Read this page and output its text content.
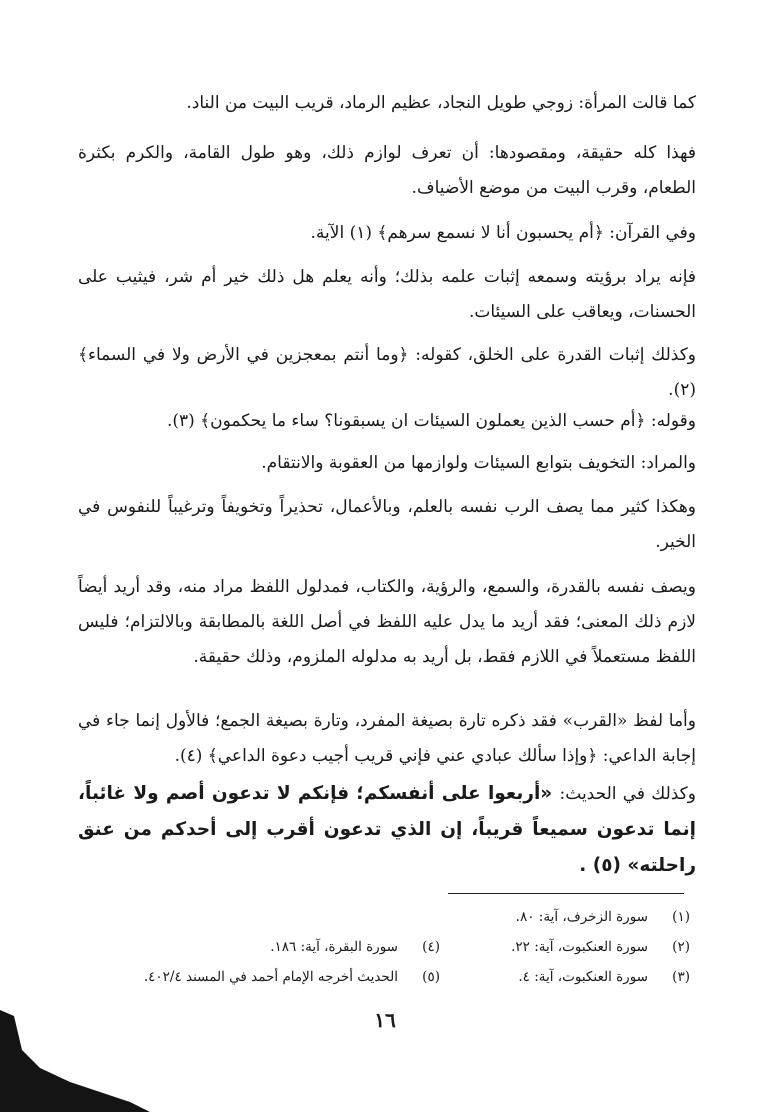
كما قالت المرأة: زوجي طويل النجاد، عظيم الرماد، قريب البيت من الناد.

فهذا كله حقيقة، ومقصودها: أن تعرف لوازم ذلك، وهو طول القامة، والكرم بكثرة الطعام، وقرب البيت من موضع الأضياف.

وفي القرآن: ﴿أم يحسبون أنا لا نسمع سرهم﴾ (١) الآية.

فإنه يراد برؤيته وسمعه إثبات علمه بذلك؛ وأنه يعلم هل ذلك خير أم شر، فيثيب على الحسنات، ويعاقب على السيئات.

وكذلك إثبات القدرة على الخلق، كقوله: ﴿وما أنتم بمعجزين في الأرض ولا في السماء﴾ (٢).

وقوله: ﴿أم حسب الذين يعملون السيئات ان يسبقونا؟ ساء ما يحكمون﴾ (٣).

والمراد: التخويف بتوابع السيئات ولوازمها من العقوبة والانتقام.

وهكذا كثير مما يصف الرب نفسه بالعلم، وبالأعمال، تحذيراً وتخويفاً وترغيباً للنفوس في الخير.

ويصف نفسه بالقدرة، والسمع، والرؤية، والكتاب، فمدلول اللفظ مراد منه، وقد أريد أيضاً لازم ذلك المعنى؛ فقد أريد ما يدل عليه اللفظ في أصل اللغة بالمطابقة وبالالتزام؛ فليس اللفظ مستعملاً في اللازم فقط، بل أريد به مدلوله الملزوم، وذلك حقيقة.

وأما لفظ «القرب» فقد ذكره تارة بصيغة المفرد، وتارة بصيغة الجمع؛ فالأول إنما جاء في إجابة الداعي: ﴿وإذا سألك عبادي عني فإني قريب أجيب دعوة الداعي﴾ (٤).

وكذلك في الحديث: «أربعوا على أنفسكم؛ فإنكم لا تدعون أصم ولا غائباً، إنما تدعون سميعاً قريباً، إن الذي تدعون أقرب إلى أحدكم من عنق راحلته» (٥) .

(١)
سورة الزخرف، آية: ٨٠.
(٢)
سورة العنكبوت، آية: ٢٢.
(٣)
سورة العنكبوت، آية: ٤.
(٤)
سورة البقرة، آية: ١٨٦.
(٥)
الحديث أخرجه الإمام أحمد في المسند ٤٠٢/٤.
١٦
